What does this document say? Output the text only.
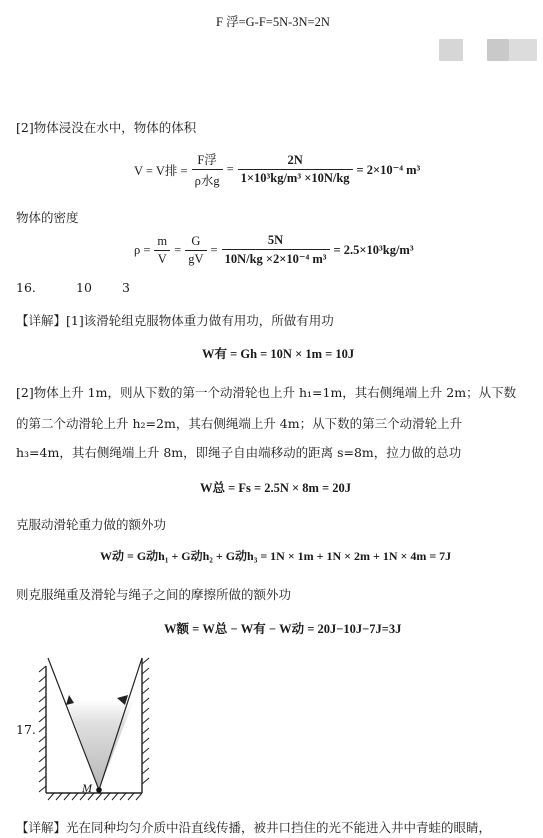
F 浮=G-F=5N-3N=2N
[2]物体浸没在水中，物体的体积
V = V排 = $\frac{\text{F浮}}{\text{ρ水g}} = \frac{2N}{\text{1×10³kg/m³ ×10N/kg}} = 2\times 10^{-4}$ m³
物体的密度
$\rho = \frac{m}{V} = \frac{G}{gV} = \frac{5N}{\text{10N/kg ×2×10⁻⁴ m³}} = 2.5\times 10^3kg/m^3$
16.	10 3
【详解】[1]该滑轮组克服物体重力做有用功，所做有用功
W有 = Gh = 10N × 1m = 10J
[2]物体上升 1m，则从下数的第一个动滑轮也上升 h₁=1m，其右侧绳端上升 2m；从下数
的第二个动滑轮上升 h₂=2m，其右侧绳端上升 4m；从下数的第三个动滑轮上升
h₃=4m，其右侧绳端上升 8m，即绳子自由端移动的距离 s=8m，拉力做的总功
W总 = Fs = 2.5N × 8m = 20J
克服动滑轮重力做的额外功
W动 = G动h₁ + G动h₂ + G动h₃ = 1N × 1m + 1N × 2m + 1N × 4m = 7J
则克服绳重及滑轮与绳子之间的摩擦所做的额外功
W额 = W总 − W有 − W动 = 20J−10J−7J=3J
17.
M
【详解】光在同种均匀介质中沿直线传播，被井口挡住的光不能进入井中青蛙的眼睛，
